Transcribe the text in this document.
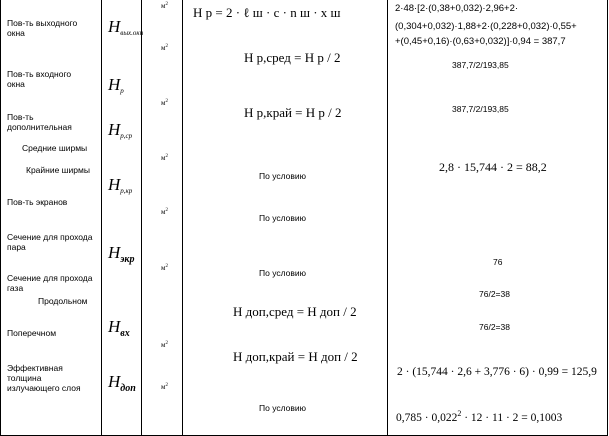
Пов-ть выходного
окна
Пов-ть входного
окна
Пов-ть
дополнительная
Средние ширмы
Крайние ширмы
Пов-ть экранов
Сечение для прохода
пара
Сечение для прохода
газа
Продольном
Поперечном
Эффективная
толщина
излучающего слоя
$H_{вых.окн}$
$H_р$
$H_{р,ср}$
$H_{р,кр}$
$H_{экр}$
$H_{вх}$
$H_{доп}$
$м^2$
$м^2$
$м^2$
$м^2$
$м^2$
$м^2$
$м^2$
$м^2$
H р = 2 · ℓ ш · c · n ш · x ш
H р,сред = H р / 2
H р,край = H р / 2
По условию
По условию
По условию
H доп,сред = H доп / 2
H доп,край = H доп / 2
По условию
2·48·[2·(0,38+0,032)·2,96+2·
(0,304+0,032)·1,88+2·(0,228+0,032)·0,55+
+(0,45+0,16)·(0,63+0,032)]·0,94 = 387,7
387,7/2/193,85
387,7/2/193,85
2,8 · 15,744 · 2 = 88,2
76
76/2=38
76/2=38
2 · (15,744 · 2,6 + 3,776 · 6) · 0,99 = 125,9
$0,785 \cdot 0,022^2 \cdot 12 \cdot 11 \cdot 2 = 0,1003$
